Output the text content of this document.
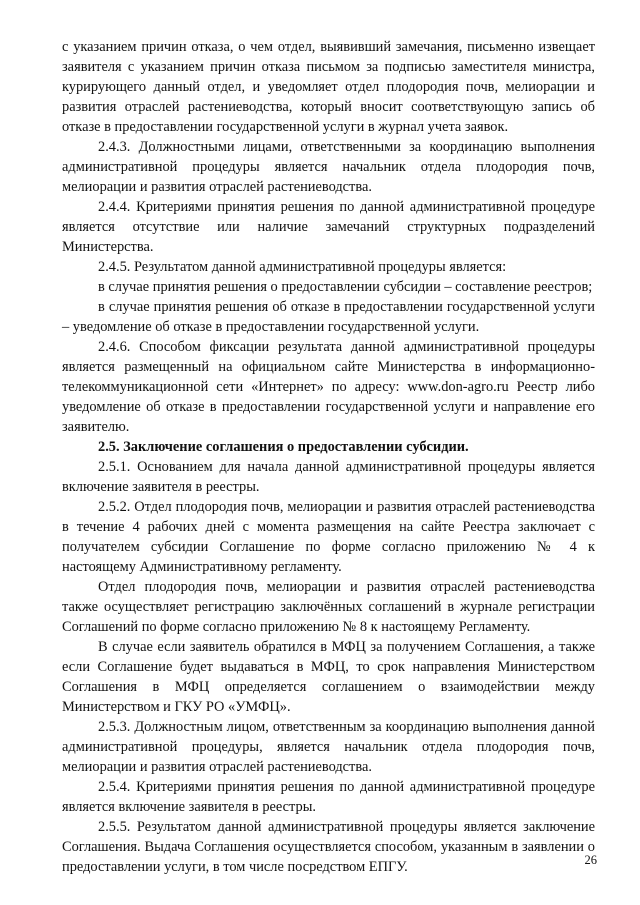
с указанием причин отказа, о чем отдел, выявивший замечания, письменно извещает заявителя с указанием причин отказа письмом за подписью заместителя министра, курирующего данный отдел, и уведомляет отдел плодородия почв, мелиорации и развития отраслей растениеводства, который вносит соответствующую запись об отказе в предоставлении государственной услуги в журнал учета заявок.

2.4.3. Должностными лицами, ответственными за координацию выполнения административной процедуры является начальник отдела плодородия почв, мелиорации и развития отраслей растениеводства.

2.4.4. Критериями принятия решения по данной административной процедуре является отсутствие или наличие замечаний структурных подразделений Министерства.

2.4.5. Результатом данной административной процедуры является:

в случае принятия решения о предоставлении субсидии – составление реестров;

в случае принятия решения об отказе в предоставлении государственной услуги – уведомление об отказе в предоставлении государственной услуги.

2.4.6. Способом фиксации результата данной административной процедуры является размещенный на официальном сайте Министерства в информационно-телекоммуникационной сети «Интернет» по адресу: www.don-agro.ru Реестр либо уведомление об отказе в предоставлении государственной услуги и направление его заявителю.

2.5. Заключение соглашения о предоставлении субсидии.

2.5.1. Основанием для начала данной административной процедуры является включение заявителя в реестры.

2.5.2. Отдел плодородия почв, мелиорации и развития отраслей растениеводства в течение 4 рабочих дней с момента размещения на сайте Реестра заключает с получателем субсидии Соглашение по форме согласно приложению № 4 к настоящему Административному регламенту.

Отдел плодородия почв, мелиорации и развития отраслей растениеводства также осуществляет регистрацию заключённых соглашений в журнале регистрации Соглашений по форме согласно приложению № 8 к настоящему Регламенту.

В случае если заявитель обратился в МФЦ за получением Соглашения, а также если Соглашение будет выдаваться в МФЦ, то срок направления Министерством Соглашения в МФЦ определяется соглашением о взаимодействии между Министерством и ГКУ РО «УМФЦ».

2.5.3. Должностным лицом, ответственным за координацию выполнения данной административной процедуры, является начальник отдела плодородия почв, мелиорации и развития отраслей растениеводства.

2.5.4. Критериями принятия решения по данной административной процедуре является включение заявителя в реестры.

2.5.5. Результатом данной административной процедуры является заключение Соглашения. Выдача Соглашения осуществляется способом, указанным в заявлении о предоставлении услуги, в том числе посредством ЕПГУ.	26
